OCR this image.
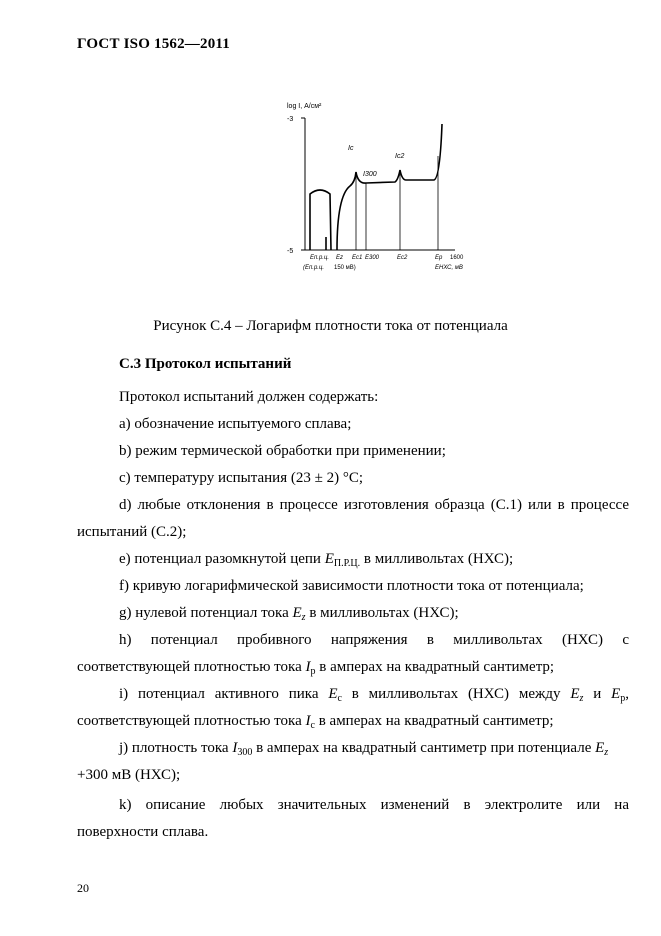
ГОСТ ISO 1562—2011
log I, А/см²
-3
-5
Ic
I300
Ic2
Eп.р.ц. Ez Ec1 E300	Ec2	Ep 1600
(Eп.р.ц. 150 мВ)	EНХС, мВ
Рисунок С.4 – Логарифм плотности тока от потенциала
С.3 Протокол испытаний
Протокол испытаний должен содержать:
a) обозначение испытуемого сплава;
b) режим термической обработки при применении;
c) температуру испытания (23 ± 2) °C;
d) любые отклонения в процессе изготовления образца (С.1) или в процессе
испытаний (С.2);
e) потенциал разомкнутой цепи $E_{П.Р.Ц.}$ в милливольтах (НХС);
f) кривую логарифмической зависимости плотности тока от потенциала;
g) нулевой потенциал тока $E_z$ в милливольтах (НХС);
h) потенциал пробивного напряжения в милливольтах (НХС) с
соответствующей плотностью тока $I_p$ в амперах на квадратный сантиметр;
i) потенциал активного пика $E_c$ в милливольтах (НХС) между $E_z$ и $E_p$,
соответствующей плотностью тока $I_c$ в амперах на квадратный сантиметр;
j) плотность тока $I_{300}$ в амперах на квадратный сантиметр при потенциале $E_z$
+300 мВ (НХС);
k) описание любых значительных изменений в электролите или на
поверхности сплава.
20
